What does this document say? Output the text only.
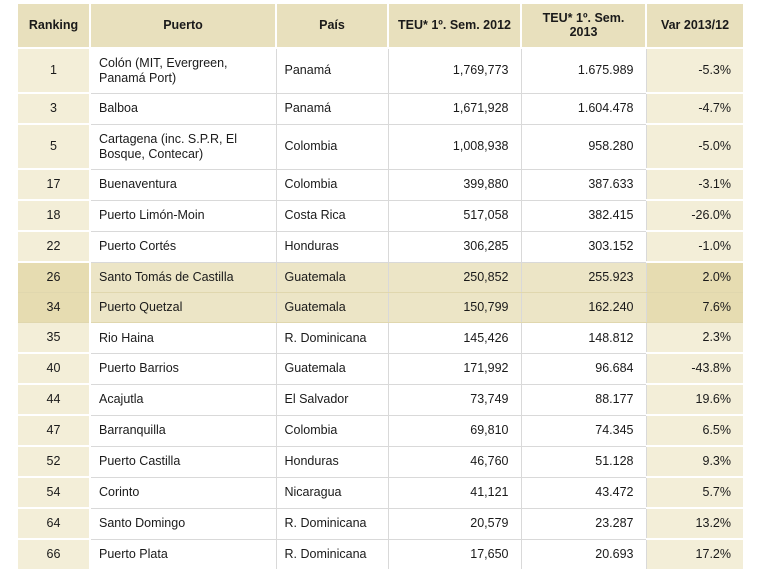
Ranking	Puerto	País	TEU* 1º. Sem. 2012	TEU* 1º. Sem. 2013	Var 2013/12
1	Colón (MIT, Evergreen, Panamá Port)	Panamá	1,769,773	1.675.989	-5.3%
3	Balboa	Panamá	1,671,928	1.604.478	-4.7%
5	Cartagena (inc. S.P.R, El Bosque, Contecar)	Colombia	1,008,938	958.280	-5.0%
17	Buenaventura	Colombia	399,880	387.633	-3.1%
18	Puerto Limón-Moin	Costa Rica	517,058	382.415	-26.0%
22	Puerto Cortés	Honduras	306,285	303.152	-1.0%
26	Santo Tomás de Castilla	Guatemala	250,852	255.923	2.0%
34	Puerto Quetzal	Guatemala	150,799	162.240	7.6%
35	Rio Haina	R. Dominicana	145,426	148.812	2.3%
40	Puerto Barrios	Guatemala	171,992	96.684	-43.8%
44	Acajutla	El Salvador	73,749	88.177	19.6%
47	Barranquilla	Colombia	69,810	74.345	6.5%
52	Puerto Castilla	Honduras	46,760	51.128	9.3%
54	Corinto	Nicaragua	41,121	43.472	5.7%
64	Santo Domingo	R. Dominicana	20,579	23.287	13.2%
66	Puerto Plata	R. Dominicana	17,650	20.693	17.2%
